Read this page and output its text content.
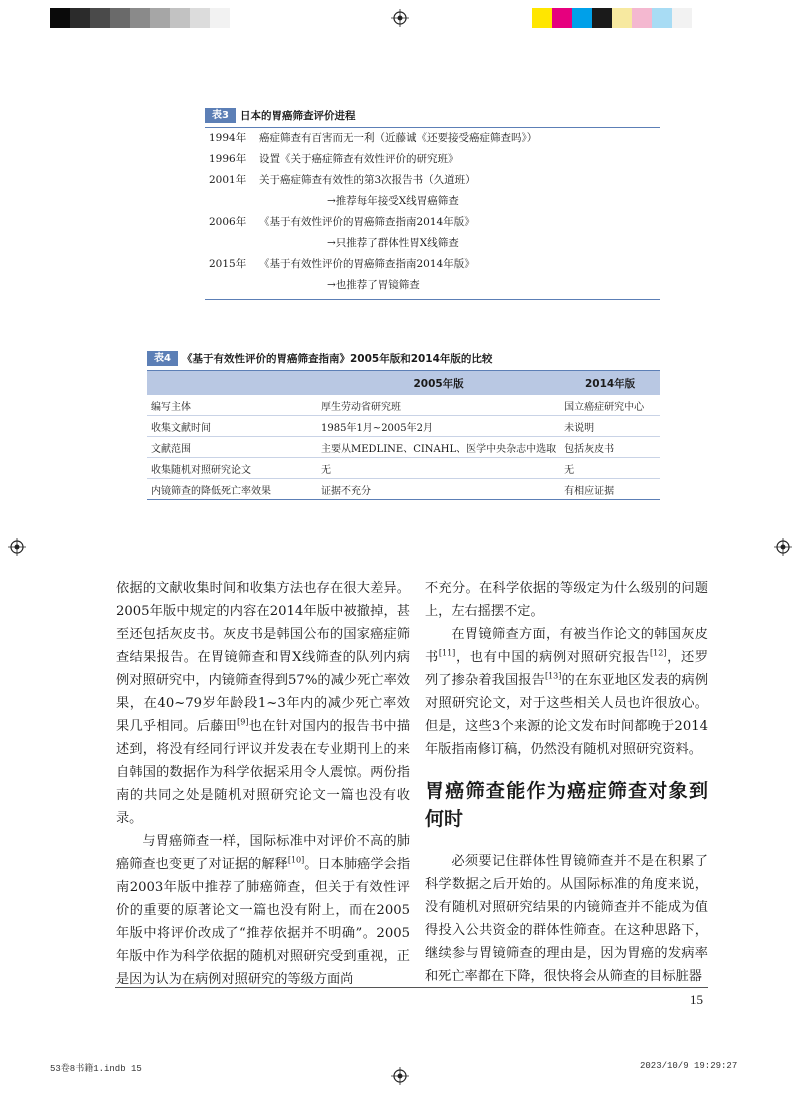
表3	日本的胃癌筛查评价进程
1994年	癌症筛查有百害而无一利（近藤诚《还要接受癌症筛查吗》）
1996年	设置《关于癌症筛查有效性评价的研究班》
2001年	关于癌症筛查有效性的第3次报告书（久道班）
→推荐每年接受X线胃癌筛查
2006年	《基于有效性评价的胃癌筛查指南2014年版》
→只推荐了群体性胃X线筛查
2015年	《基于有效性评价的胃癌筛查指南2014年版》
→也推荐了胃镜筛查
表4	《基于有效性评价的胃癌筛查指南》2005年版和2014年版的比较
	2005年版	2014年版
编写主体	厚生劳动省研究班	国立癌症研究中心
收集文献时间	1985年1月~2005年2月	未说明
文献范围	主要从MEDLINE、CINAHL、医学中央杂志中选取	包括灰皮书
收集随机对照研究论文	无	无
内镜筛查的降低死亡率效果	证据不充分	有相应证据

依据的文献收集时间和收集方法也存在很大差异。2005年版中规定的内容在2014年版中被撤掉，甚至还包括灰皮书。灰皮书是韩国公布的国家癌症筛查结果报告。在胃镜筛查和胃X线筛查的队列内病例对照研究中，内镜筛查得到57%的减少死亡率效果，在40~79岁年龄段1~3年内的减少死亡率效果几乎相同。后藤田[9]也在针对国内的报告书中描述到，将没有经同行评议并发表在专业期刊上的来自韩国的数据作为科学依据采用令人震惊。两份指南的共同之处是随机对照研究论文一篇也没有收录。

与胃癌筛查一样，国际标准中对评价不高的肺癌筛查也变更了对证据的解释[10]。日本肺癌学会指南2003年版中推荐了肺癌筛查，但关于有效性评价的重要的原著论文一篇也没有附上，而在2005年版中将评价改成了“推荐依据并不明确”。2005年版中作为科学依据的随机对照研究受到重视，正是因为认为在病例对照研究的等级方面尚

不充分。在科学依据的等级定为什么级别的问题上，左右摇摆不定。

在胃镜筛查方面，有被当作论文的韩国灰皮书[11]，也有中国的病例对照研究报告[12]，还罗列了掺杂着我国报告[13]的在东亚地区发表的病例对照研究论文，对于这些相关人员也许很放心。但是，这些3个来源的论文发布时间都晚于2014年版指南修订稿，仍然没有随机对照研究资料。

胃癌筛查能作为癌症筛查对象到何时

必须要记住群体性胃镜筛查并不是在积累了科学数据之后开始的。从国际标准的角度来说，没有随机对照研究结果的内镜筛查并不能成为值得投入公共资金的群体性筛查。在这种思路下，继续参与胃镜筛查的理由是，因为胃癌的发病率和死亡率都在下降，很快将会从筛查的目标脏器

15
53卷8书籍1.indb 15	2023/10/9 19:29:27
